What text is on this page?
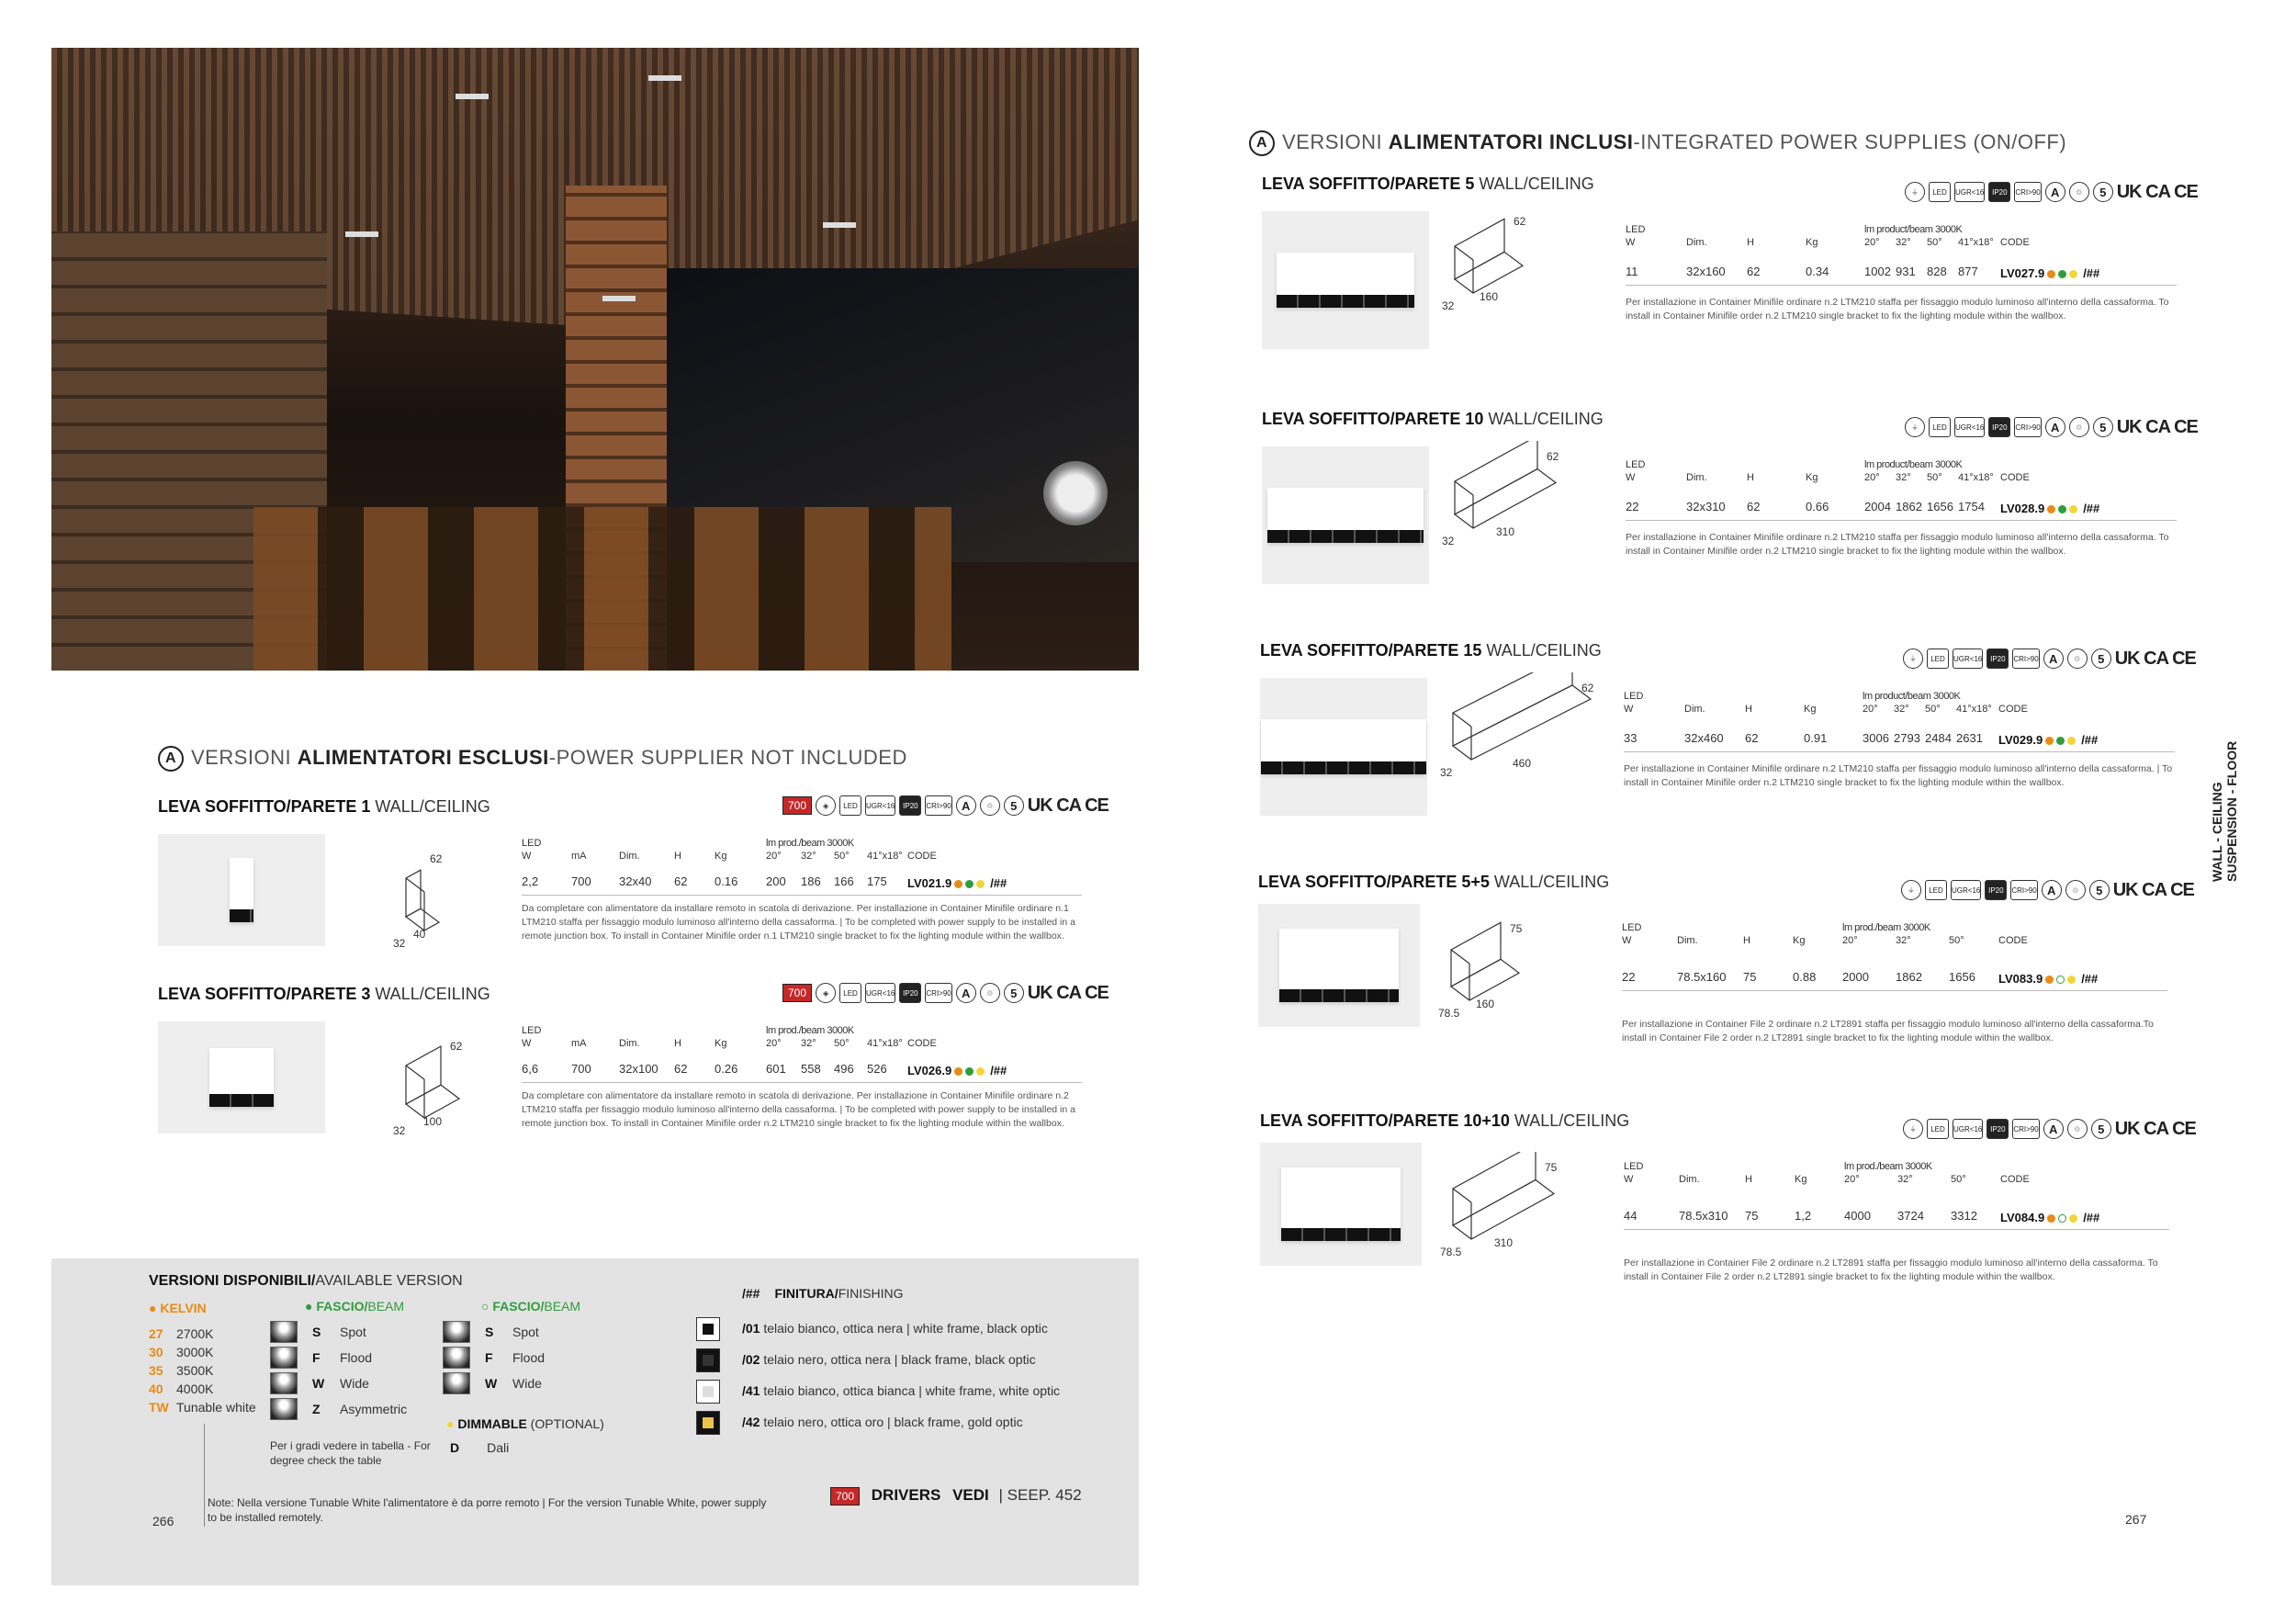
A VERSIONI ALIMENTATORI ESCLUSI-POWER SUPPLIER NOT INCLUDED
LEVA SOFFITTO/PARETE 1 WALL/CEILING
62
32
40
LED	lm prod./beam 3000K
W	mA	Dim.	H	Kg	20° 32° 50° 41°x18° CODE
2,2	700 32x40 62 0.16 200 186 166 175 LV021.9	/##
Da completare con alimentatore da installare remoto in scatola di derivazione. Per installazione in Container Minifile ordinare n.1 LTM210 staffa per fissaggio modulo luminoso all'interno della cassaforma. | To be completed with power supply to be installed in a remote junction box. To install in Container Minifile order n.1 LTM210 single bracket to fix the lighting module within the wallbox.
700	◈	LED	UGR<16	IP20	CRI>90 A	♲	5 UK CA CE
LEVA SOFFITTO/PARETE 3 WALL/CEILING
62
32
100
LED	lm prod./beam 3000K
W	mA	Dim.	H	Kg	20° 32° 50° 41°x18° CODE
6,6	700 32x100 62 0.26 601 558 496 526 LV026.9	/##
Da completare con alimentatore da installare remoto in scatola di derivazione. Per installazione in Container Minifile ordinare n.2 LTM210 staffa per fissaggio modulo luminoso all'interno della cassaforma. | To be completed with power supply to be installed in a remote junction box. To install in Container Minifile order n.2 LTM210 single bracket to fix the lighting module within the wallbox.
700	◈	LED	UGR<16	IP20	CRI>90 A	♲	5 UK CA CE
A VERSIONI ALIMENTATORI INCLUSI-INTEGRATED POWER SUPPLIES (ON/OFF)
LEVA SOFFITTO/PARETE 5 WALL/CEILING
62
32
160
LED	lm product/beam 3000K
W	Dim.	H	Kg	20° 32° 50° 41°x18° CODE
11	32x160 62	0.34	1002 931 828 877 LV027.9	/##
Per installazione in Container Minifile ordinare n.2 LTM210 staffa per fissaggio modulo luminoso all'interno della cassaforma. To install in Container Minifile order n.2 LTM210 single bracket to fix the lighting module within the wallbox.
⏚	LED	UGR<16	IP20	CRI>90 A	♲	5 UK CA CE
LEVA SOFFITTO/PARETE 10 WALL/CEILING
62
32
310
LED	lm product/beam 3000K
W	Dim.	H	Kg	20° 32° 50° 41°x18° CODE
22	32x310 62	0.66	2004 1862 1656 1754 LV028.9	/##
Per installazione in Container Minifile ordinare n.2 LTM210 staffa per fissaggio modulo luminoso all'interno della cassaforma. To install in Container Minifile order n.2 LTM210 single bracket to fix the lighting module within the wallbox.
⏚	LED	UGR<16	IP20	CRI>90 A	♲	5 UK CA CE
LEVA SOFFITTO/PARETE 15 WALL/CEILING
62
32
460
LED	lm product/beam 3000K
W	Dim.	H	Kg	20° 32° 50° 41°x18° CODE
33	32x460 62	0.91	3006 2793 2484 2631 LV029.9	/##
Per installazione in Container Minifile ordinare n.2 LTM210 staffa per fissaggio modulo luminoso all'interno della cassaforma. | To install in Container Minifile order n.2 LTM210 single bracket to fix the lighting module within the wallbox.
⏚	LED	UGR<16	IP20	CRI>90 A	♲	5 UK CA CE
LEVA SOFFITTO/PARETE 5+5 WALL/CEILING
75
78.5
160
LED	lm prod./beam 3000K
W	Dim.	H	Kg	20°	32°	50°	CODE
22	78.5x160 75	0.88 2000 1862 1656 LV083.9	/##
Per installazione in Container File 2 ordinare n.2 LT2891 staffa per fissaggio modulo luminoso all'interno della cassaforma.To install in Container File 2 order n.2 LT2891 single bracket to fix the lighting module within the wallbox.
⏚	LED	UGR<16	IP20	CRI>90 A	♲	5 UK CA CE
LEVA SOFFITTO/PARETE 10+10 WALL/CEILING
75
78.5
310
LED	lm prod./beam 3000K
W	Dim.	H	Kg	20°	32°	50°	CODE
44	78.5x310 75	1,2	4000 3724 3312 LV084.9	/##
Per installazione in Container File 2 ordinare n.2 LT2891 staffa per fissaggio modulo luminoso all'interno della cassaforma. To install in Container File 2 order n.2 LT2891 single bracket to fix the lighting module within the wallbox.
⏚	LED	UGR<16	IP20	CRI>90 A	♲	5 UK CA CE
VERSIONI DISPONIBILI/AVAILABLE VERSION
● KELVIN	● FASCIO/BEAM	○ FASCIO/BEAM
Per i gradi vedere in tabella - For degree check the table
● DIMMABLE (OPTIONAL)
D Dali
/## FINITURA/FINISHING
Note: Nella versione Tunable White l'alimentatore è da porre remoto | For the version Tunable White, power supply to be installed remotely.
700 DRIVERS VEDI | SEEP. 452
266
27 2700K
30 3000K
35 3500K
40 4000K
TW Tunable white
S Spot
F Flood
W Wide
Z Asymmetric
S Spot
F Flood
W Wide
/01 telaio bianco, ottica nera | white frame, black optic
/02 telaio nero, ottica nera | black frame, black optic
/41 telaio bianco, ottica bianca | white frame, white optic
/42 telaio nero, ottica oro | black frame, gold optic
267
WALL - CEILING SUSPENSION - FLOOR
